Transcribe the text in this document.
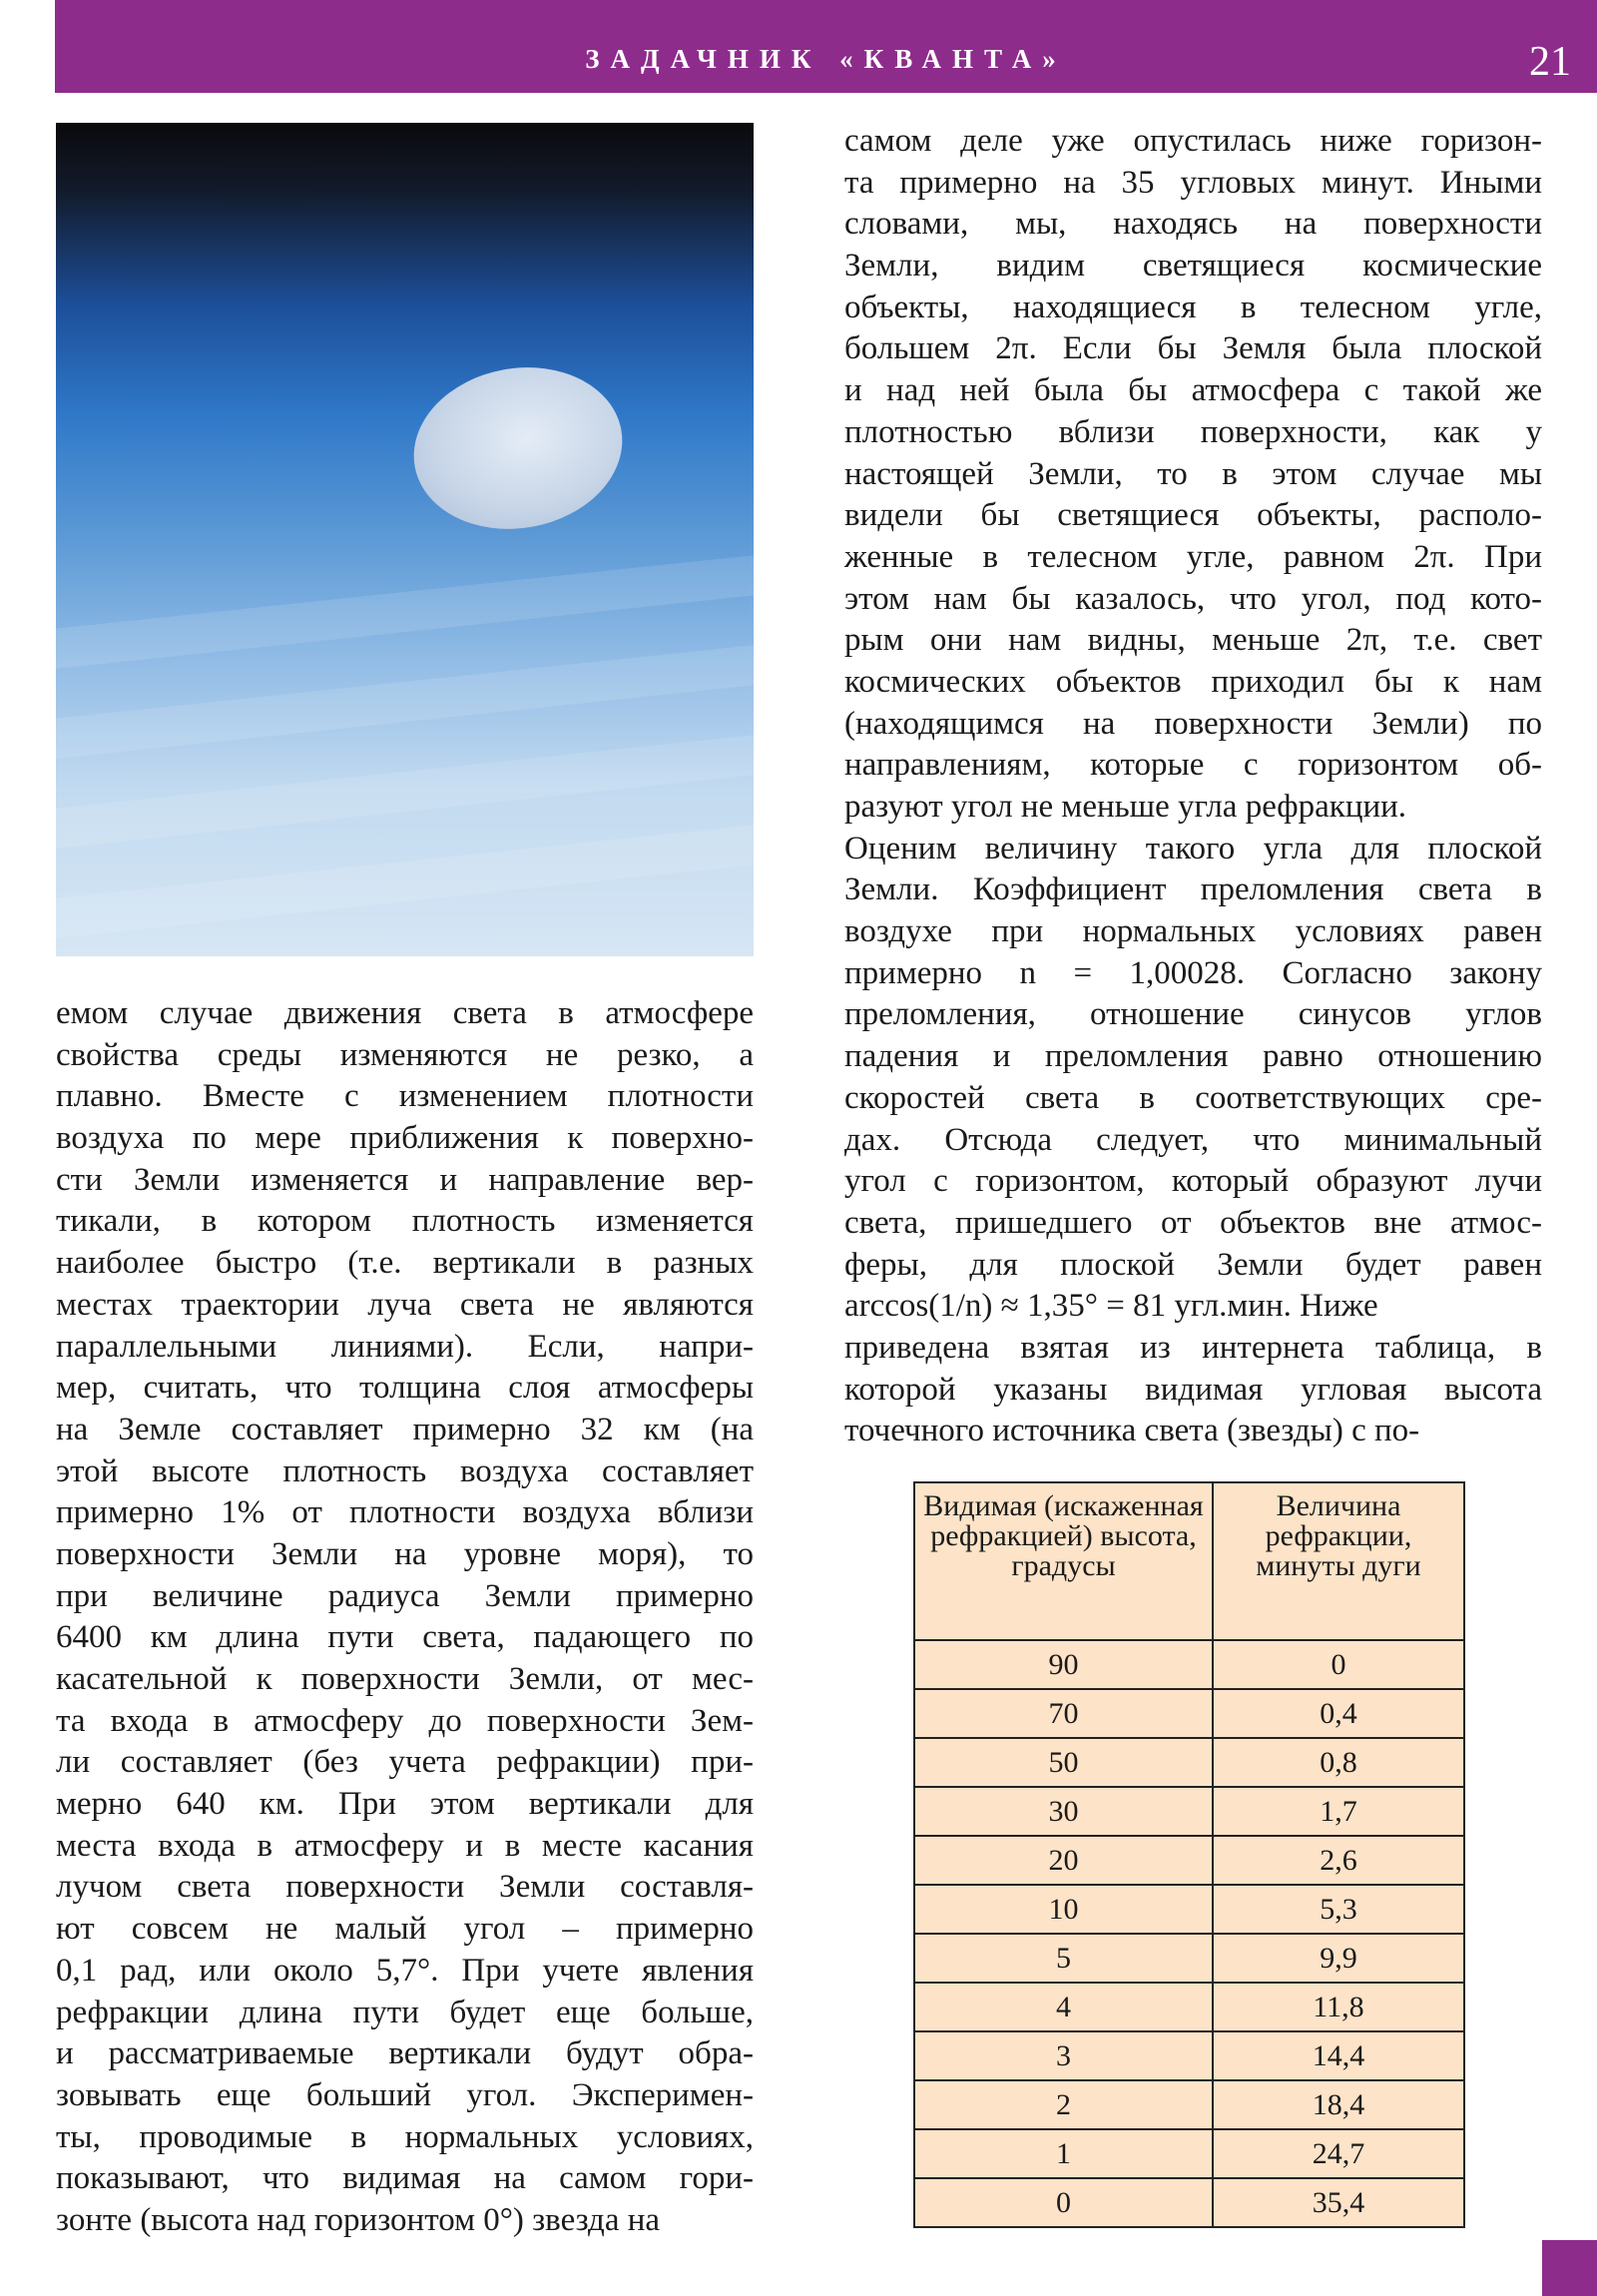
ЗАДАЧНИК «КВАНТА»	21
емом случае движения света в атмосфере
свойства среды изменяются не резко, а
плавно. Вместе с изменением плотности
воздуха по мере приближения к поверхно-
сти Земли изменяется и направление вер-
тикали, в котором плотность изменяется
наиболее быстро (т.е. вертикали в разных
местах траектории луча света не являются
параллельными линиями). Если, напри-
мер, считать, что толщина слоя атмосферы
на Земле составляет примерно 32 км (на
этой высоте плотность воздуха составляет
примерно 1% от плотности воздуха вблизи
поверхности Земли на уровне моря), то
при величине радиуса Земли примерно
6400 км длина пути света, падающего по
касательной к поверхности Земли, от мес-
та входа в атмосферу до поверхности Зем-
ли составляет (без учета рефракции) при-
мерно 640 км. При этом вертикали для
места входа в атмосферу и в месте касания
лучом света поверхности Земли составля-
ют совсем не малый угол – примерно
0,1 рад, или около 5,7°. При учете явления
рефракции длина пути будет еще больше,
и рассматриваемые вертикали будут обра-
зовывать еще больший угол. Эксперимен-
ты, проводимые в нормальных условиях,
показывают, что видимая на самом гори-
зонте (высота над горизонтом 0°) звезда на
самом деле уже опустилась ниже горизон-
та примерно на 35 угловых минут. Иными
словами, мы, находясь на поверхности
Земли, видим светящиеся космические
объекты, находящиеся в телесном угле,
большем 2π. Если бы Земля была плоской
и над ней была бы атмосфера с такой же
плотностью вблизи поверхности, как у
настоящей Земли, то в этом случае мы
видели бы светящиеся объекты, располо-
женные в телесном угле, равном 2π. При
этом нам бы казалось, что угол, под кото-
рым они нам видны, меньше 2π, т.е. свет
космических объектов приходил бы к нам
(находящимся на поверхности Земли) по
направлениям, которые с горизонтом об-
разуют угол не меньше угла рефракции.
Оценим величину такого угла для плоской
Земли. Коэффициент преломления света в
воздухе при нормальных условиях равен
примерно n = 1,00028. Согласно закону
преломления, отношение синусов углов
падения и преломления равно отношению
скоростей света в соответствующих сре-
дах. Отсюда следует, что минимальный
угол с горизонтом, который образуют лучи
света, пришедшего от объектов вне атмос-
феры, для плоской Земли будет равен
arccos(1/n) ≈ 1,35° = 81 угл.мин. Ниже
приведена взятая из интернета таблица, в
которой указаны видимая угловая высота
точечного источника света (звезды) с по-
Видимая (искаженная рефракцией) высота, градусы	Величина рефракции, минуты дуги
90	0
70	0,4
50	0,8
30	1,7
20	2,6
10	5,3
5	9,9
4	11,8
3	14,4
2	18,4
1	24,7
0	35,4
